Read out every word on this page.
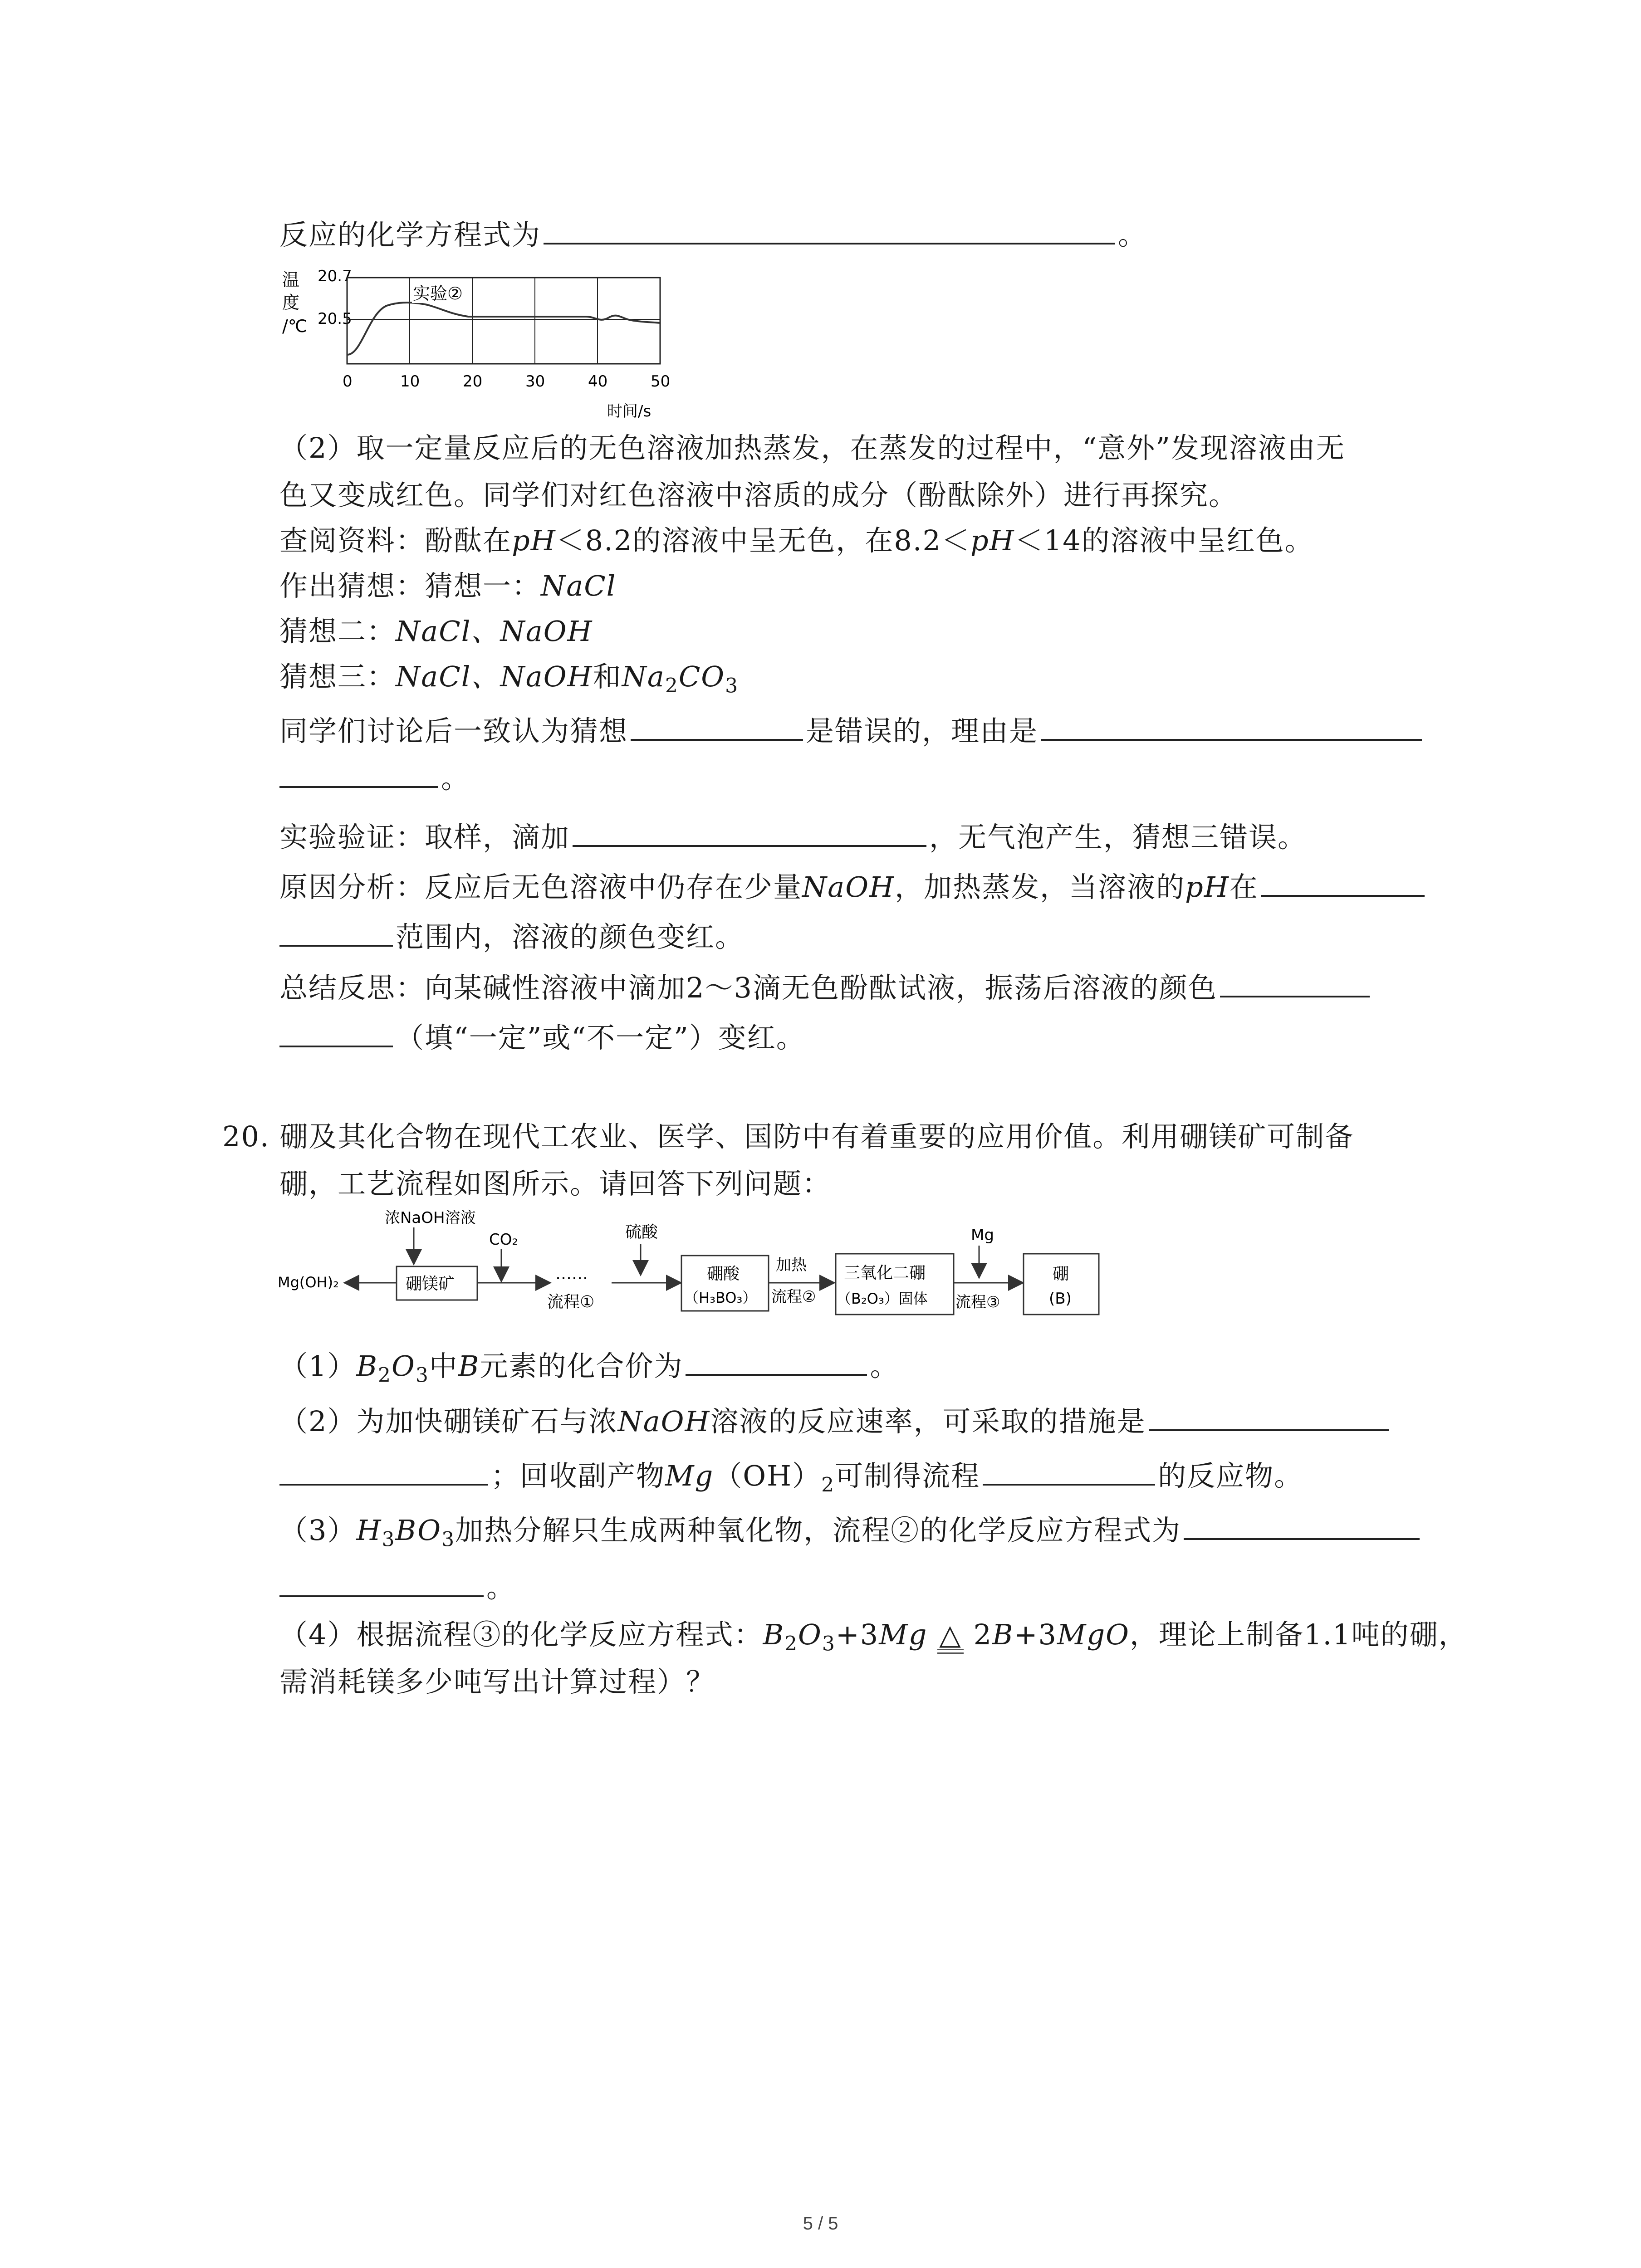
反应的化学方程式为	。
温
度
/℃
20.7
20.5
实验②
0	10	20	30	40	50
时间/s
（2）取一定量反应后的无色溶液加热蒸发，在蒸发的过程中，“意外”发现溶液由无
色又变成红色。同学们对红色溶液中溶质的成分（酚酞除外）进行再探究。
查阅资料：酚酞在pH＜8.2的溶液中呈无色，在8.2＜pH＜14的溶液中呈红色。
作出猜想：猜想一：NaCl
猜想二：NaCl、NaOH
猜想三：NaCl、NaOH和$Na_2CO_3$
同学们讨论后一致认为猜想	是错误的，理由是
。
实验验证：取样，滴加	，无气泡产生，猜想三错误。
原因分析：反应后无色溶液中仍存在少量NaOH，加热蒸发，当溶液的pH在
范围内，溶液的颜色变红。
总结反思：向某碱性溶液中滴加2～3滴无色酚酞试液，振荡后溶液的颜色
（填“一定”或“不一定”）变红。
20. 硼及其化合物在现代工农业、医学、国防中有着重要的应用价值。利用硼镁矿可制备
硼，工艺流程如图所示。请回答下列问题：
浓NaOH溶液
CO₂
Mg(OH)₂	硼镁矿
……
流程①
硫酸
硼酸
（H₃BO₃）
加热
流程②
三氧化二硼
（B₂O₃）固体
Mg
流程③
硼
(B)
$(1)B_2O_3$中B元素的化合价为	。
（2）为加快硼镁矿石与浓NaOH溶液的反应速率，可采取的措施是
；回收副产物$Mg(OH)_2$可制得流程	的反应物。
$(3)H_3BO_3$加热分解只生成两种氧化物，流程②的化学反应方程式为
。
（4）根据流程③的化学反应方程式：$B_2O_3+3Mg$ △ 2B+3MgO，理论上制备1.1吨的硼，
需消耗镁多少吨写出计算过程）？
5 / 5
